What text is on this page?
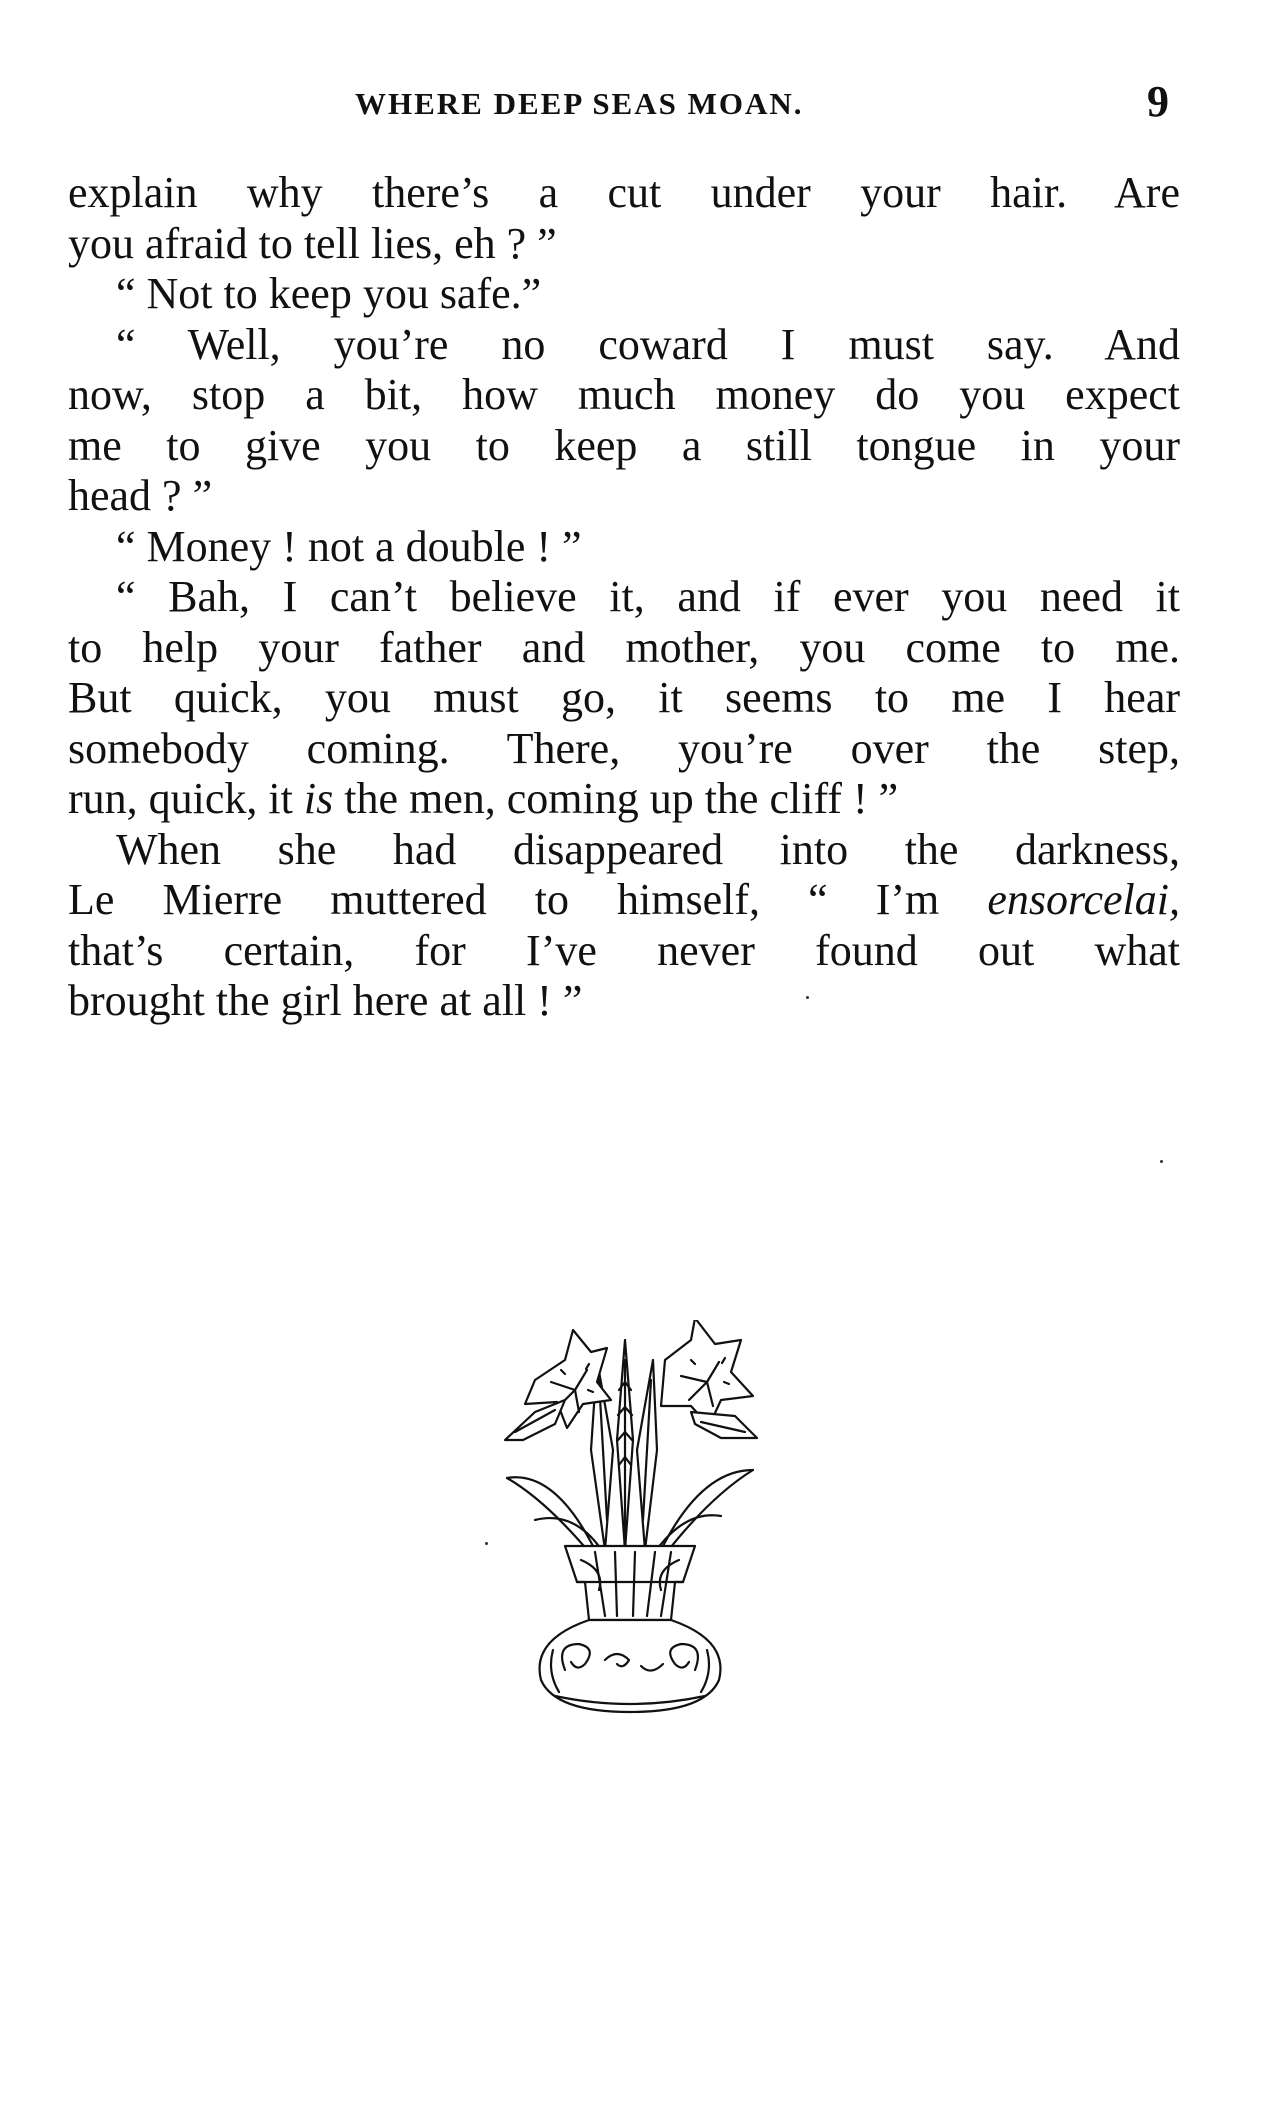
WHERE DEEP SEAS MOAN.	9
explain why there’s a cut under your hair. Are
you afraid to tell lies, eh ? ”
“ Not to keep you safe.”
“ Well, you’re no coward I must say. And
now, stop a bit, how much money do you expect
me to give you to keep a still tongue in your
head ? ”
“ Money ! not a double ! ”
“ Bah, I can’t believe it, and if ever you need it
to help your father and mother, you come to me.
But quick, you must go, it seems to me I hear
somebody coming. There, you’re over the step,
run, quick, it is the men, coming up the cliff ! ”
When she had disappeared into the darkness,
Le Mierre muttered to himself, “ I’m ensorcelai,
that’s certain, for I’ve never found out what
brought the girl here at all ! ”
